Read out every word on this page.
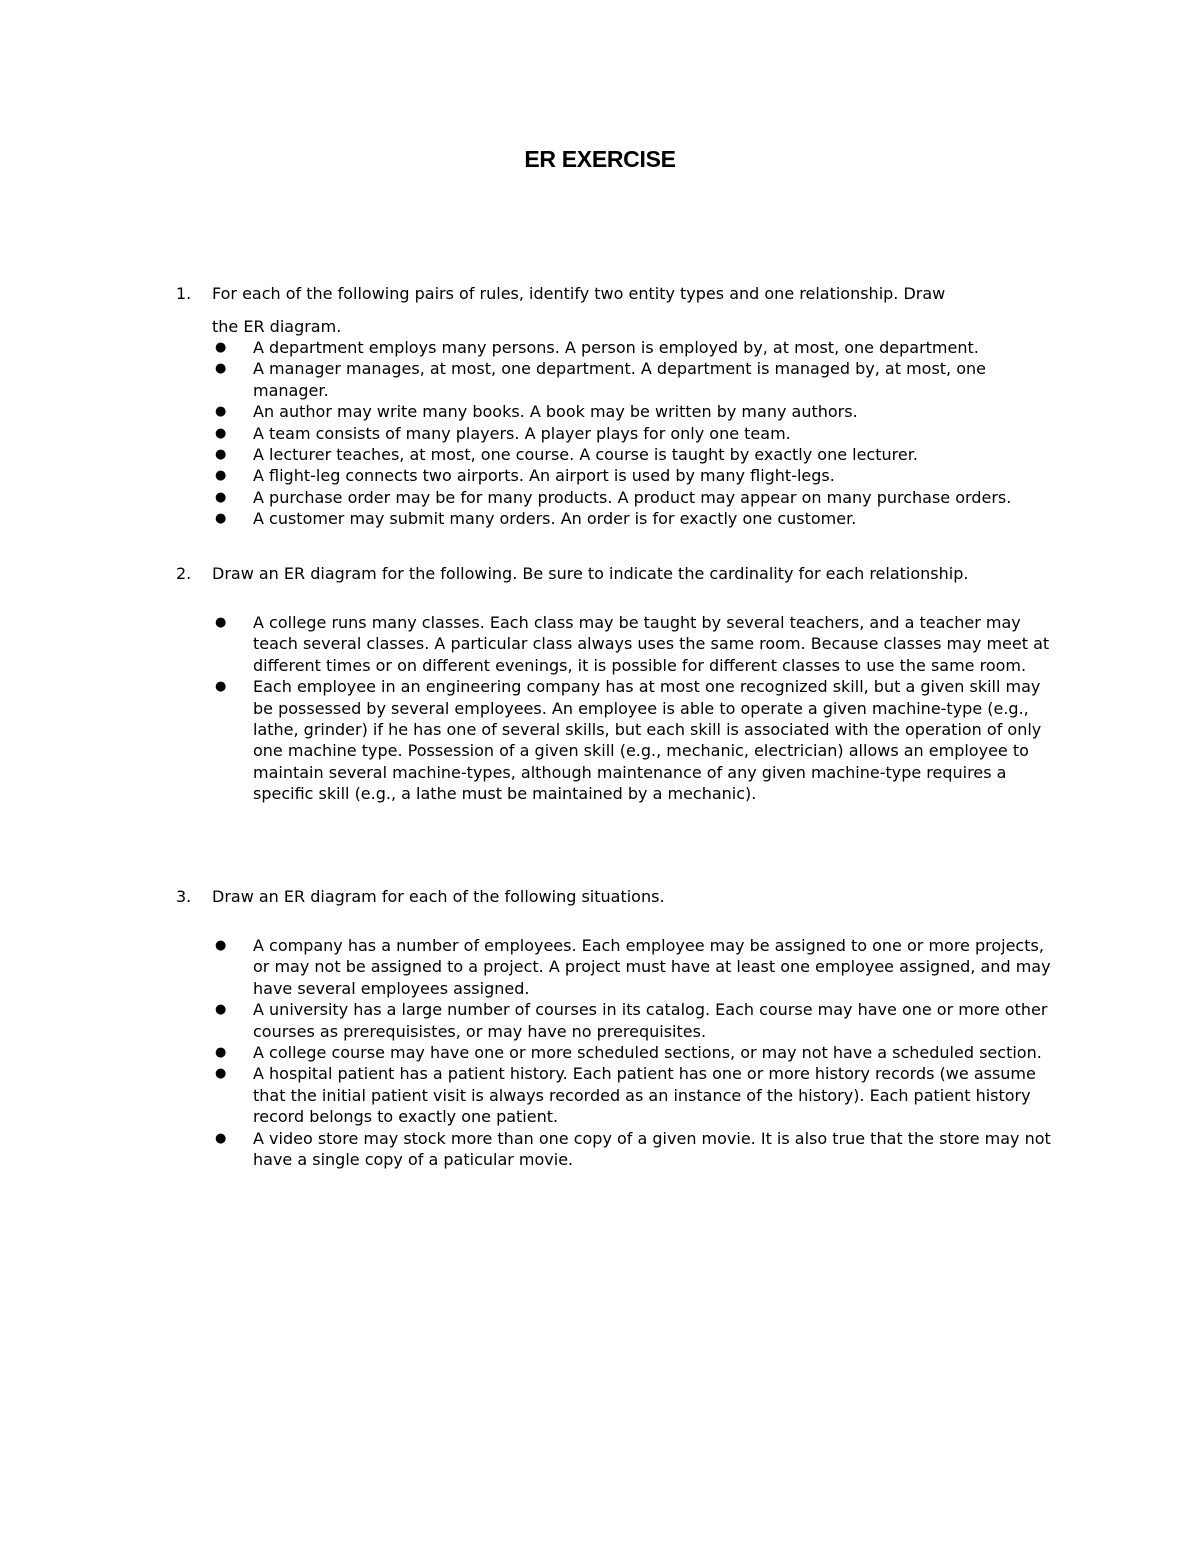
ER EXERCISE
1. For each of the following pairs of rules, identify two entity types and one relationship. Draw
the ER diagram.
● A department employs many persons. A person is employed by, at most, one department.
● A manager manages, at most, one department. A department is managed by, at most, one manager.
● An author may write many books. A book may be written by many authors.
● A team consists of many players. A player plays for only one team.
● A lecturer teaches, at most, one course. A course is taught by exactly one lecturer.
● A flight-leg connects two airports. An airport is used by many flight-legs.
● A purchase order may be for many products. A product may appear on many purchase orders.
● A customer may submit many orders. An order is for exactly one customer.
2. Draw an ER diagram for the following. Be sure to indicate the cardinality for each relationship.
● A college runs many classes. Each class may be taught by several teachers, and a teacher may teach several classes. A particular class always uses the same room. Because classes may meet at different times or on different evenings, it is possible for different classes to use the same room.
● Each employee in an engineering company has at most one recognized skill, but a given skill may be possessed by several employees. An employee is able to operate a given machine-type (e.g., lathe, grinder) if he has one of several skills, but each skill is associated with the operation of only one machine type. Possession of a given skill (e.g., mechanic, electrician) allows an employee to maintain several machine-types, although maintenance of any given machine-type requires a specific skill (e.g., a lathe must be maintained by a mechanic).
3. Draw an ER diagram for each of the following situations.
● A company has a number of employees. Each employee may be assigned to one or more projects, or may not be assigned to a project. A project must have at least one employee assigned, and may have several employees assigned.
● A university has a large number of courses in its catalog. Each course may have one or more other courses as prerequisistes, or may have no prerequisites.
● A college course may have one or more scheduled sections, or may not have a scheduled section.
● A hospital patient has a patient history. Each patient has one or more history records (we assume that the initial patient visit is always recorded as an instance of the history). Each patient history record belongs to exactly one patient.
● A video store may stock more than one copy of a given movie. It is also true that the store may not have a single copy of a paticular movie.
